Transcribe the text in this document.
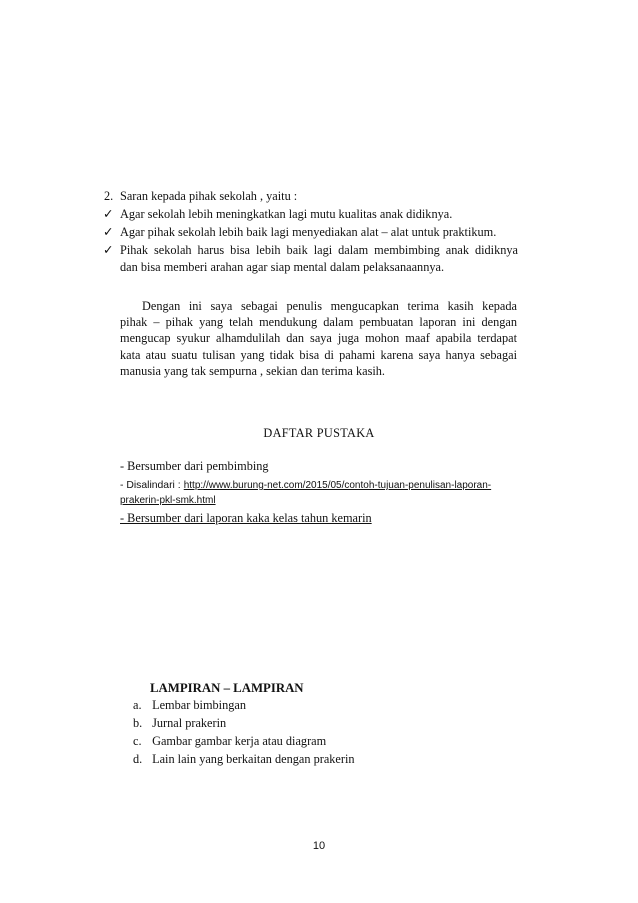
2. Saran kepada pihak sekolah , yaitu :
✓ Agar sekolah lebih meningkatkan lagi mutu kualitas anak didiknya.
✓ Agar pihak sekolah lebih baik lagi menyediakan alat – alat untuk praktikum.
✓ Pihak sekolah harus bisa lebih baik lagi dalam membimbing anak didiknya
dan bisa memberi arahan agar siap mental dalam pelaksanaannya.
Dengan ini saya sebagai penulis mengucapkan terima kasih kepada
pihak – pihak yang telah mendukung dalam pembuatan laporan ini dengan
mengucap syukur alhamdulilah dan saya juga mohon maaf apabila terdapat
kata atau suatu tulisan yang tidak bisa di pahami karena saya hanya sebagai
manusia yang tak sempurna , sekian dan terima kasih.
DAFTAR PUSTAKA
- Bersumber dari pembimbing
- Disalindari : http://www.burung-net.com/2015/05/contoh-tujuan-penulisan-laporan-
prakerin-pkl-smk.html
- Bersumber dari laporan kaka kelas tahun kemarin
LAMPIRAN – LAMPIRAN
a. Lembar bimbingan
b. Jurnal prakerin
c. Gambar gambar kerja atau diagram
d. Lain lain yang berkaitan dengan prakerin
10
